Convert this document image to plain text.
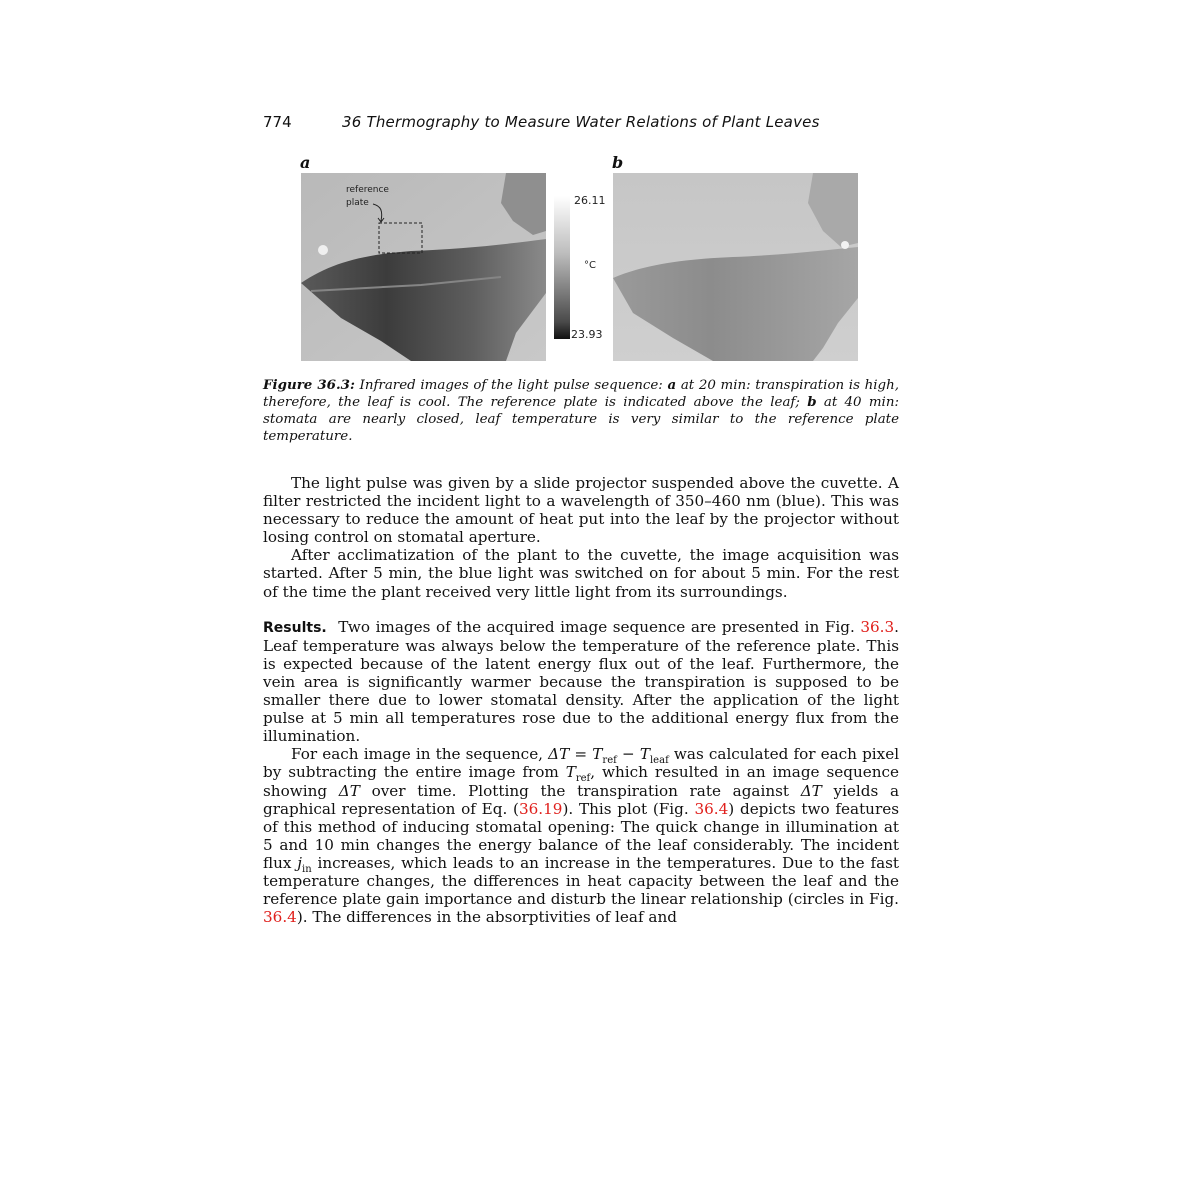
774	36 Thermography to Measure Water Relations of Plant Leaves
a	b
reference
plate	26.11
°C
23.93
Figure 36.3: Infrared images of the light pulse sequence: a at 20 min: transpiration is high, therefore, the leaf is cool. The reference plate is indicated above the leaf; b at 40 min: stomata are nearly closed, leaf temperature is very similar to the reference plate temperature.

The light pulse was given by a slide projector suspended above the cuvette. A filter restricted the incident light to a wavelength of 350–460 nm (blue). This was necessary to reduce the amount of heat put into the leaf by the projector without losing control on stomatal aperture.

After acclimatization of the plant to the cuvette, the image acquisition was started. After 5 min, the blue light was switched on for about 5 min. For the rest of the time the plant received very little light from its surroundings.

Results. Two images of the acquired image sequence are presented in Fig. 36.3. Leaf temperature was always below the temperature of the reference plate. This is expected because of the latent energy flux out of the leaf. Furthermore, the vein area is significantly warmer because the transpiration is supposed to be smaller there due to lower stomatal density. After the application of the light pulse at 5 min all temperatures rose due to the additional energy flux from the illumination.

For each image in the sequence, $\Delta T = T_{ref} - T_{leaf}$ was calculated for each pixel by subtracting the entire image from $T_{ref}$, which resulted in an image sequence showing ΔT over time. Plotting the transpiration rate against ΔT yields a graphical representation of Eq. (36.19). This plot (Fig. 36.4) depicts two features of this method of inducing stomatal opening: The quick change in illumination at 5 and 10 min changes the energy balance of the leaf considerably. The incident flux $j_{in}$ increases, which leads to an increase in the temperatures. Due to the fast temperature changes, the differences in heat capacity between the leaf and the reference plate gain importance and disturb the linear relationship (circles in Fig. 36.4). The differences in the absorptivities of leaf and
